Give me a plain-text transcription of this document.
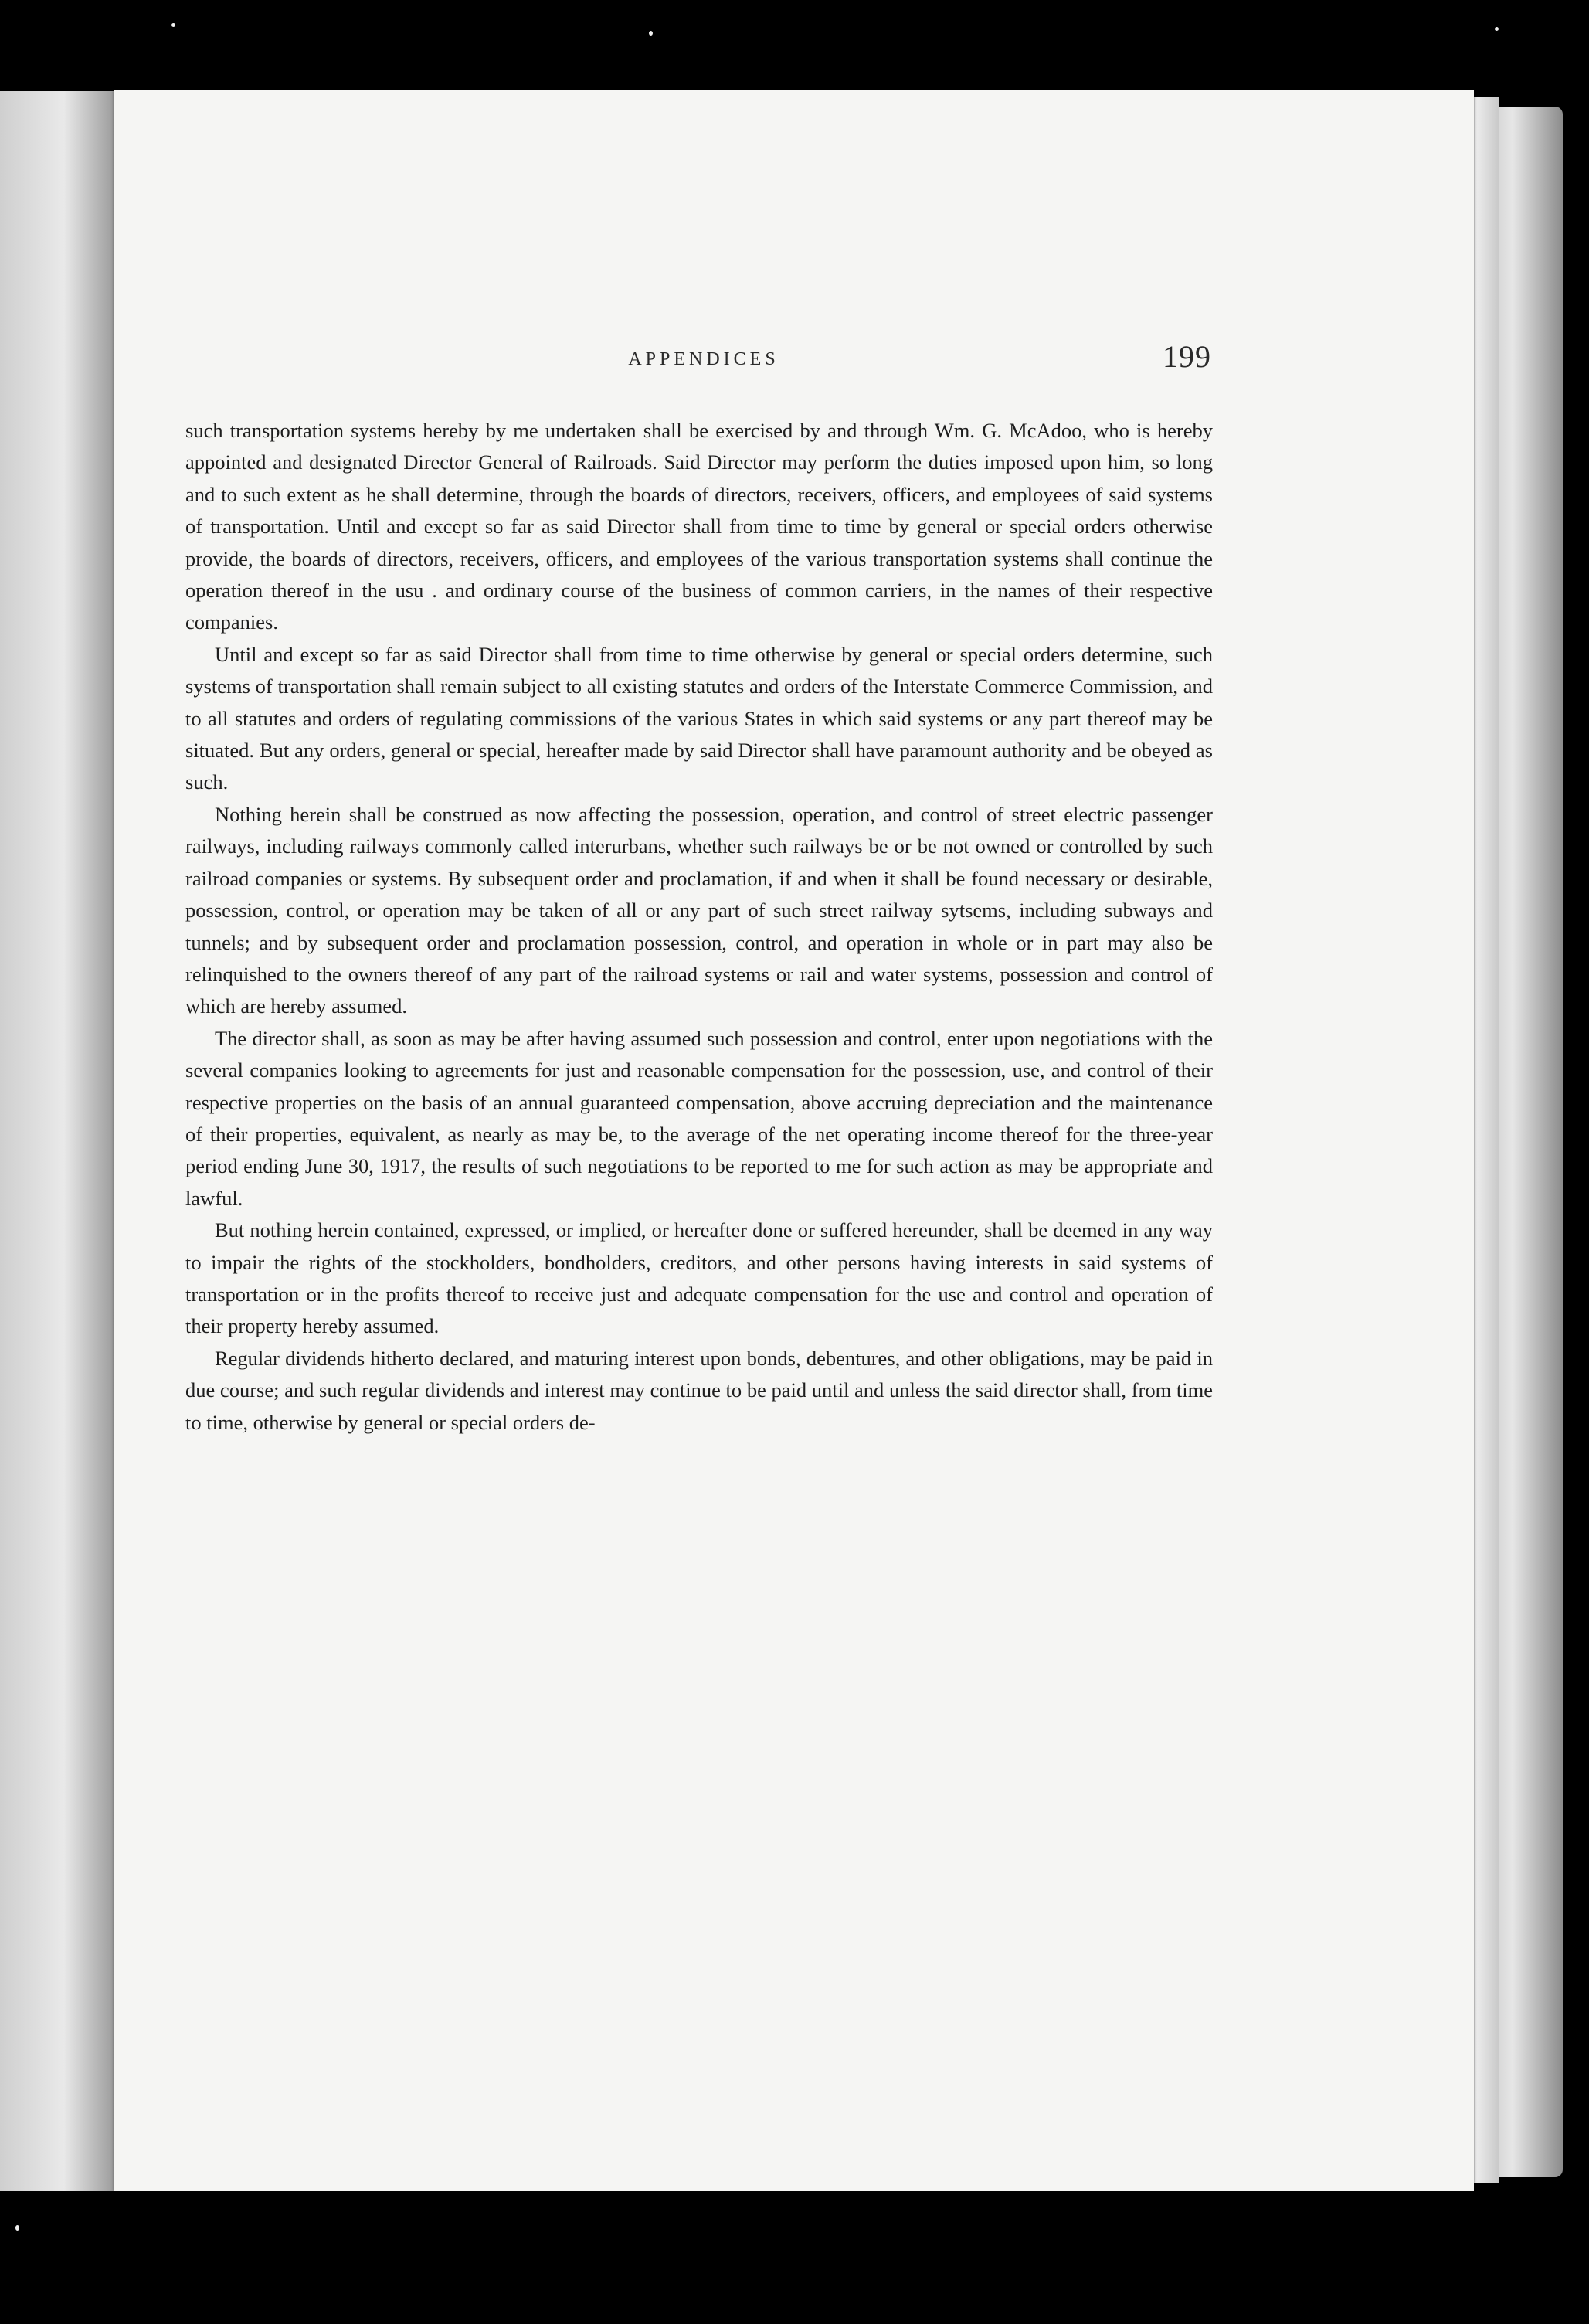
APPENDICES	199

such transportation systems hereby by me undertaken shall be exercised by and through Wm. G. McAdoo, who is hereby appointed and designated Director General of Railroads. Said Director may perform the duties imposed upon him, so long and to such extent as he shall determine, through the boards of directors, receivers, officers, and employees of said systems of transportation. Until and except so far as said Director shall from time to time by general or special orders otherwise provide, the boards of directors, receivers, officers, and employees of the various transportation systems shall continue the operation thereof in the usu . and ordinary course of the business of common carriers, in the names of their respective companies.

Until and except so far as said Director shall from time to time otherwise by general or special orders determine, such systems of transportation shall remain subject to all existing statutes and orders of the Interstate Commerce Commission, and to all statutes and orders of regulating commissions of the various States in which said systems or any part thereof may be situated. But any orders, general or special, hereafter made by said Director shall have paramount authority and be obeyed as such.

Nothing herein shall be construed as now affecting the possession, operation, and control of street electric passenger railways, including railways commonly called interurbans, whether such railways be or be not owned or controlled by such railroad companies or systems. By subsequent order and proclamation, if and when it shall be found necessary or desirable, possession, control, or operation may be taken of all or any part of such street railway sytsems, including subways and tunnels; and by subsequent order and proclamation possession, control, and operation in whole or in part may also be relinquished to the owners thereof of any part of the railroad systems or rail and water systems, possession and control of which are hereby assumed.

The director shall, as soon as may be after having assumed such possession and control, enter upon negotiations with the several companies looking to agreements for just and reasonable compensation for the possession, use, and control of their respective properties on the basis of an annual guaranteed compensation, above accruing depreciation and the maintenance of their properties, equivalent, as nearly as may be, to the average of the net operating income thereof for the three-year period ending June 30, 1917, the results of such negotiations to be reported to me for such action as may be appropriate and lawful.

But nothing herein contained, expressed, or implied, or hereafter done or suffered hereunder, shall be deemed in any way to impair the rights of the stockholders, bondholders, creditors, and other persons having interests in said systems of transportation or in the profits thereof to receive just and adequate compensation for the use and control and operation of their property hereby assumed.

Regular dividends hitherto declared, and maturing interest upon bonds, debentures, and other obligations, may be paid in due course; and such regular dividends and interest may continue to be paid until and unless the said director shall, from time to time, otherwise by general or special orders de-
